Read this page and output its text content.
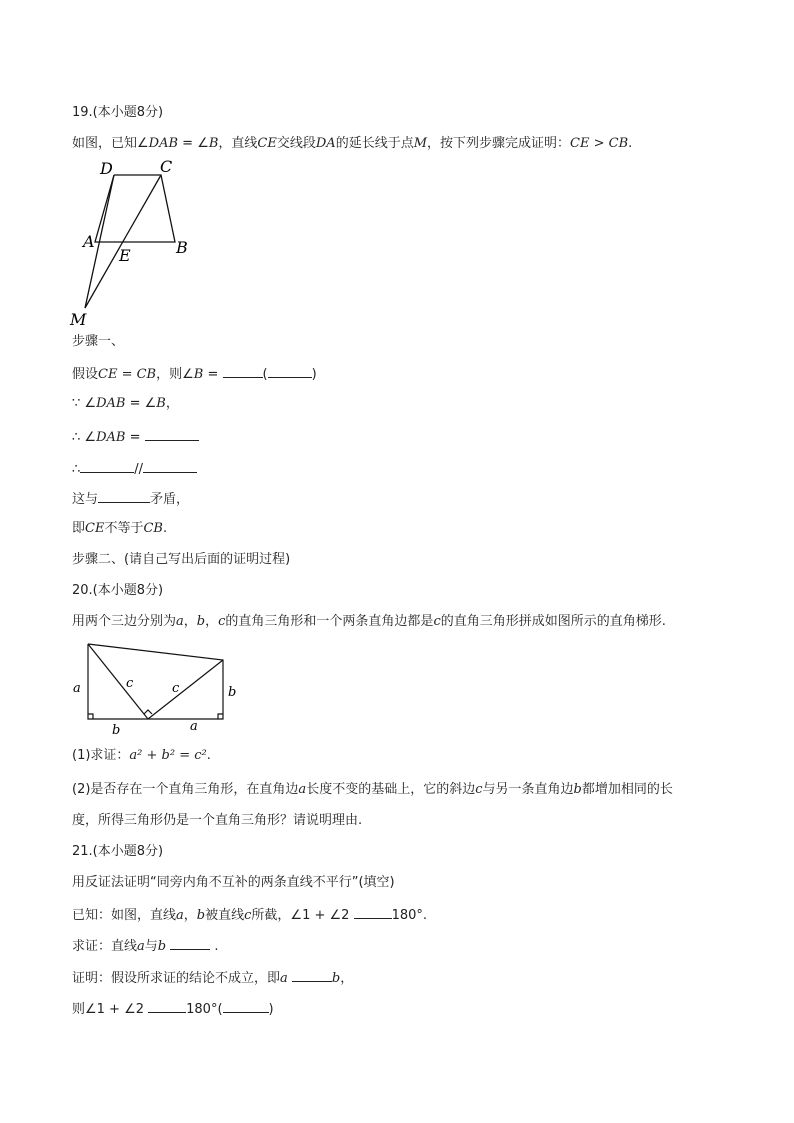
19.(本小题8分)
如图，已知∠DAB = ∠B，直线CE交线段DA的延长线于点M，按下列步骤完成证明：CE > CB.
D	C
A	B
E
M
步骤一、
假设CE = CB，则∠B =	(	)
∵ ∠DAB = ∠B，
∴ ∠DAB =
∴	//
这与	矛盾，
即CE不等于CB.
步骤二、(请自己写出后面的证明过程)
20.(本小题8分)
用两个三边分别为a，b，c的直角三角形和一个两条直角边都是c的直角三角形拼成如图所示的直角梯形.
a	c	c	b
b	a
(1)求证：a² + b² = c².
(2)是否存在一个直角三角形，在直角边a长度不变的基础上，它的斜边c与另一条直角边b都增加相同的长
度，所得三角形仍是一个直角三角形？请说明理由.
21.(本小题8分)
用反证法证明“同旁内角不互补的两条直线不平行”(填空)
已知：如图，直线a，b被直线c所截，∠1 + ∠2	180°.
求证：直线a与b	.
证明：假设所求证的结论不成立，即a	b，
则∠1 + ∠2	180°(	)
